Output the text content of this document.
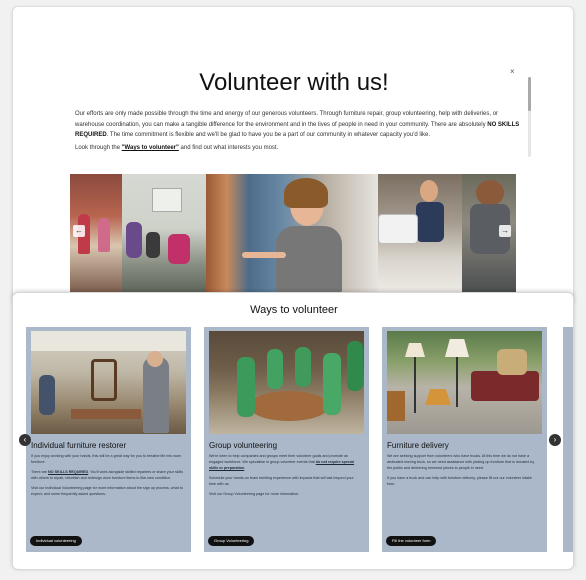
×
Volunteer with us!

Our efforts are only made possible through the time and energy of our generous volunteers. Through furniture repair, group volunteering, help with deliveries, or warehouse coordination, you can make a tangible difference for the environment and in the lives of people in need in your community. There are absolutely NO SKILLS REQUIRED. The time commitment is flexible and we'll be glad to have you be a part of our community in whatever capacity you'd like.

Look through the "Ways to volunteer" and find out what interests you most.

←	→
Ways to volunteer
Individual furniture restorer

If you enjoy working with your hands, this will be a great way for you to breathe life into worn furniture.

There are NO SKILLS REQUIRED. You'll work alongside skilled repairers or share your skills with others to repair, refurbish and redesign worn furniture items to like-new condition.

Visit our Individual Volunteering page for more information about the sign up process, what to expect, and some frequently asked questions.

Individual volunteering
Group volunteering

We're keen to help companies and groups meet their volunteer goals and promote an engaged workforce. We specialise in group volunteer events that do not require special skills or preparation.

Schedule your hands-on team building experience with impacts that will last beyond your time with us.

Visit our Group Volunteering page for more information.

Group Volunteering
Furniture delivery

We are seeking support from volunteers who have trucks. At this time we do not have a dedicated moving truck, so we need assistance with picking up furniture that is donated by the public and delivering renewed pieces to people in need.

If you have a truck and can help with furniture delivery, please fill out our volunteer intake form.

Fill the volunteer form
‹	›
